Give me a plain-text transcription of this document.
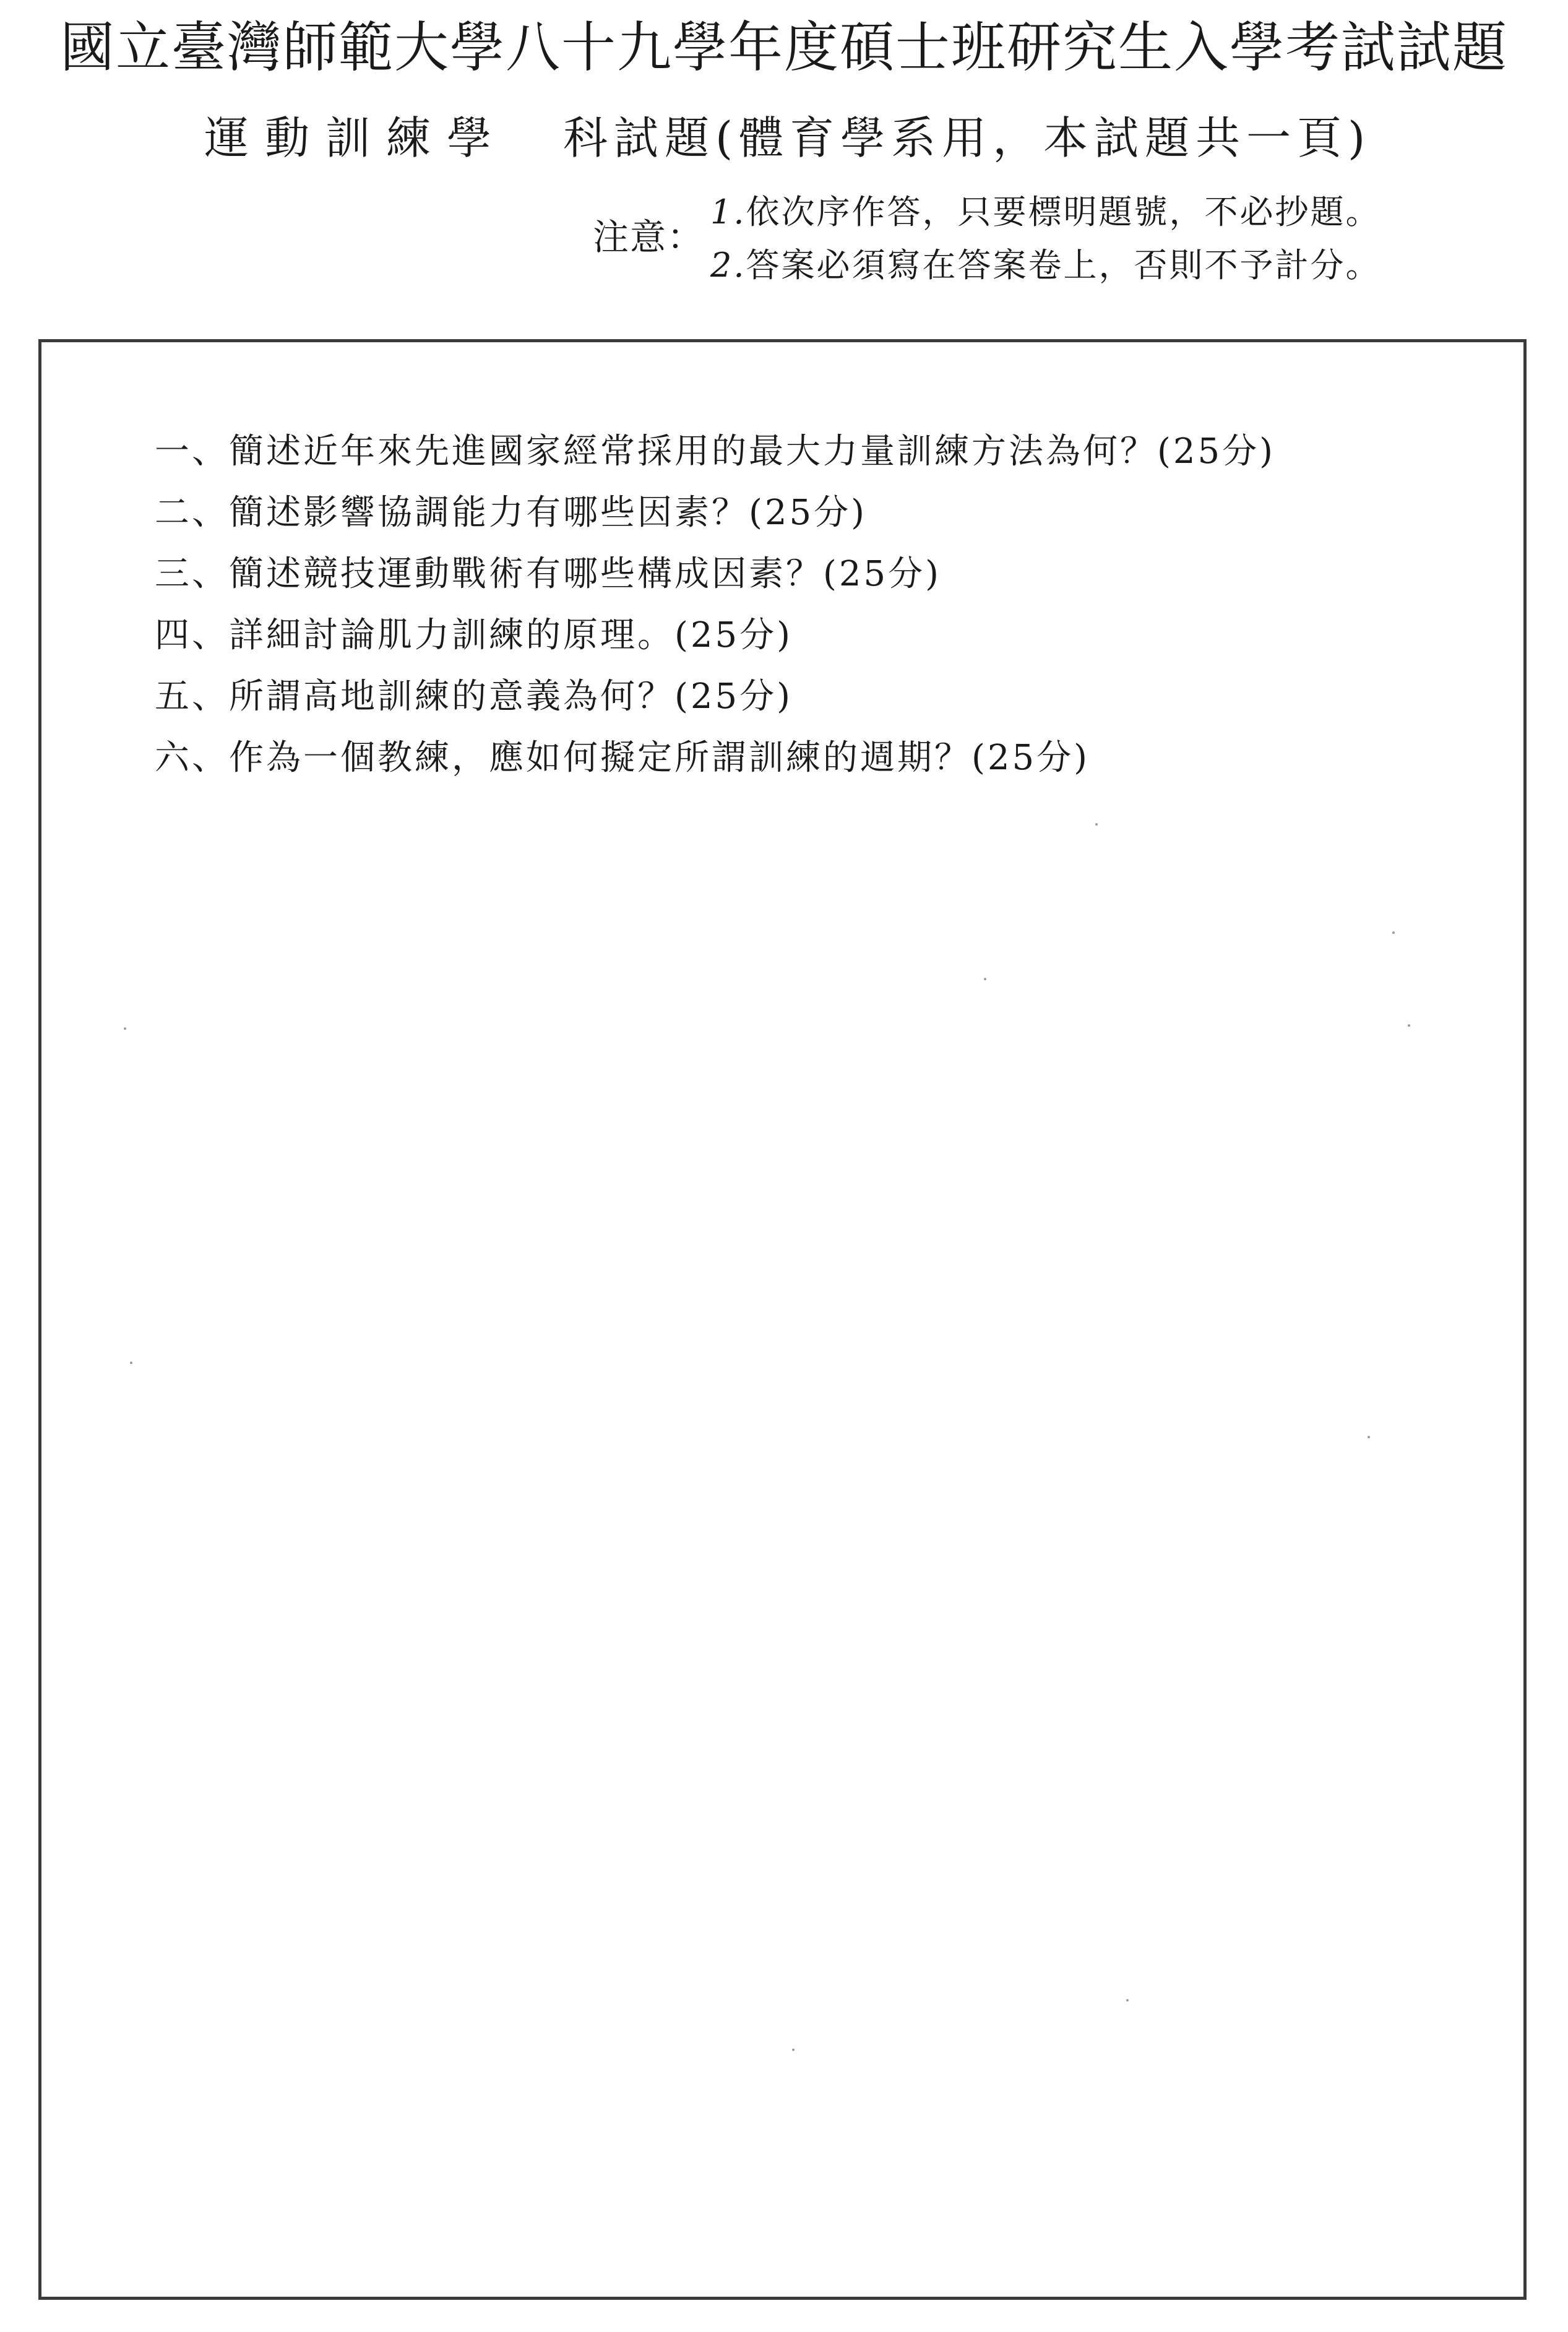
國立臺灣師範大學八十九學年度碩士班研究生入學考試試題
運動訓練學 科試題(體育學系用，本試題共一頁)
注意：
1.依次序作答，只要標明題號，不必抄題。
2.答案必須寫在答案卷上，否則不予計分。
一、簡述近年來先進國家經常採用的最大力量訓練方法為何？(25分)
二、簡述影響協調能力有哪些因素？(25分)
三、簡述競技運動戰術有哪些構成因素？(25分)
四、詳細討論肌力訓練的原理。(25分)
五、所謂高地訓練的意義為何？(25分)
六、作為一個教練，應如何擬定所謂訓練的週期？(25分)
